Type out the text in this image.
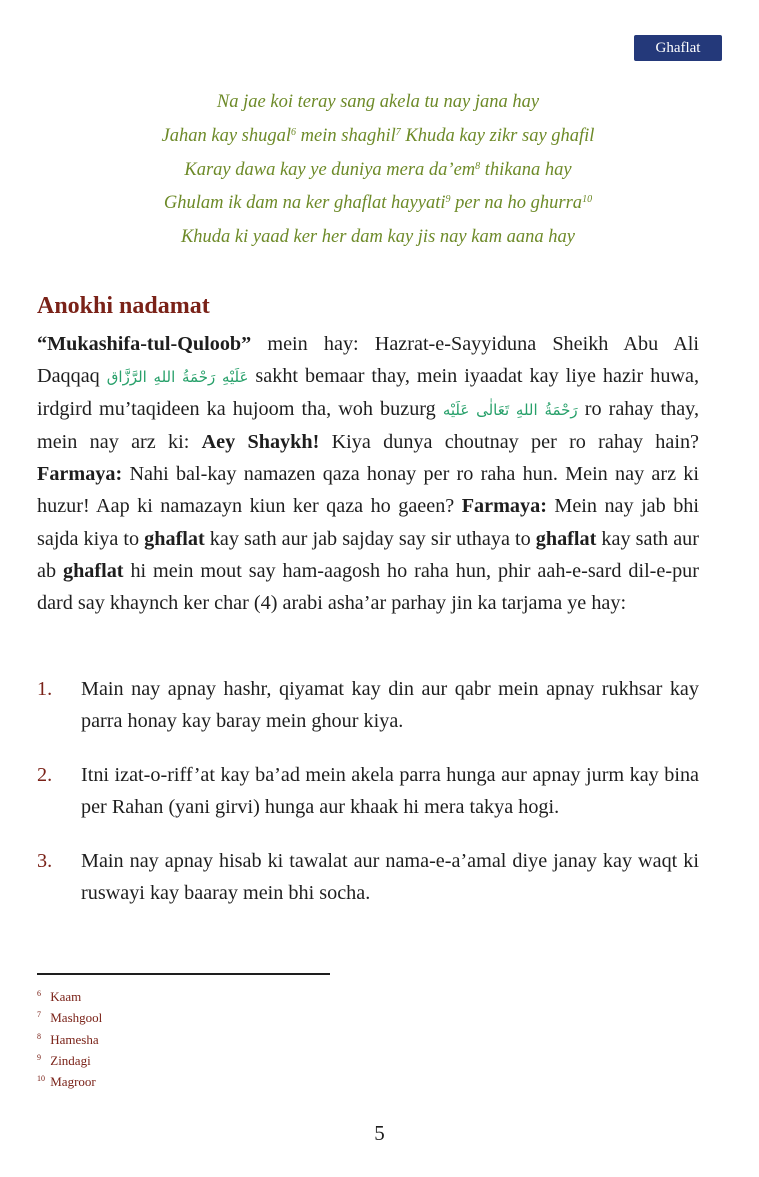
Ghaflat
Na jae koi teray sang akela tu nay jana hay
Jahan kay shugal$^6$ mein shaghil$^7$ Khuda kay zikr say ghafil
Karay dawa kay ye duniya mera $da’em^8$ thikana hay
Ghulam ik dam na ker ghaflat hayyati$^9$ per na ho ghurra$^{10}$
Khuda ki yaad ker her dam kay jis nay kam aana hay
Anokhi nadamat

“Mukashifa-tul-Quloob” mein hay: Hazrat-e-Sayyiduna Sheikh Abu Ali Daqqaq عَلَيْهِ رَحْمَةُ اللهِ الرَّزَّاق sakht bemaar thay, mein iyaadat kay liye hazir huwa, irdgird mu’taqideen ka hujoom tha, woh buzurg رَحْمَةُ اللهِ تَعَالٰى عَلَيْه ro rahay thay, mein nay arz ki: Aey Shaykh! Kiya dunya choutnay per ro rahay hain? Farmaya: Nahi bal-kay namazen qaza honay per ro raha hun. Mein nay arz ki huzur! Aap ki namazayn kiun ker qaza ho gaeen? Farmaya: Mein nay jab bhi sajda kiya to ghaflat kay sath aur jab sajday say sir uthaya to ghaflat kay sath aur ab ghaflat hi mein mout say ham-aagosh ho raha hun, phir aah-e-sard dil-e-pur dard say khaynch ker char (4) arabi asha’ar parhay jin ka tarjama ye hay:

1.	Main nay apnay hashr, qiyamat kay din aur qabr mein apnay rukhsar kay parra honay kay baray mein ghour kiya.
2.	Itni izat-o-riff’at kay ba’ad mein akela parra hunga aur apnay jurm kay bina per Rahan (yani girvi) hunga aur khaak hi mera takya hogi.
3.	Main nay apnay hisab ki tawalat aur nama-e-a’amal diye janay kay waqt ki ruswayi kay baaray mein bhi socha.
6 Kaam
7 Mashgool
8 Hamesha
9 Zindagi
10 Magroor
5
